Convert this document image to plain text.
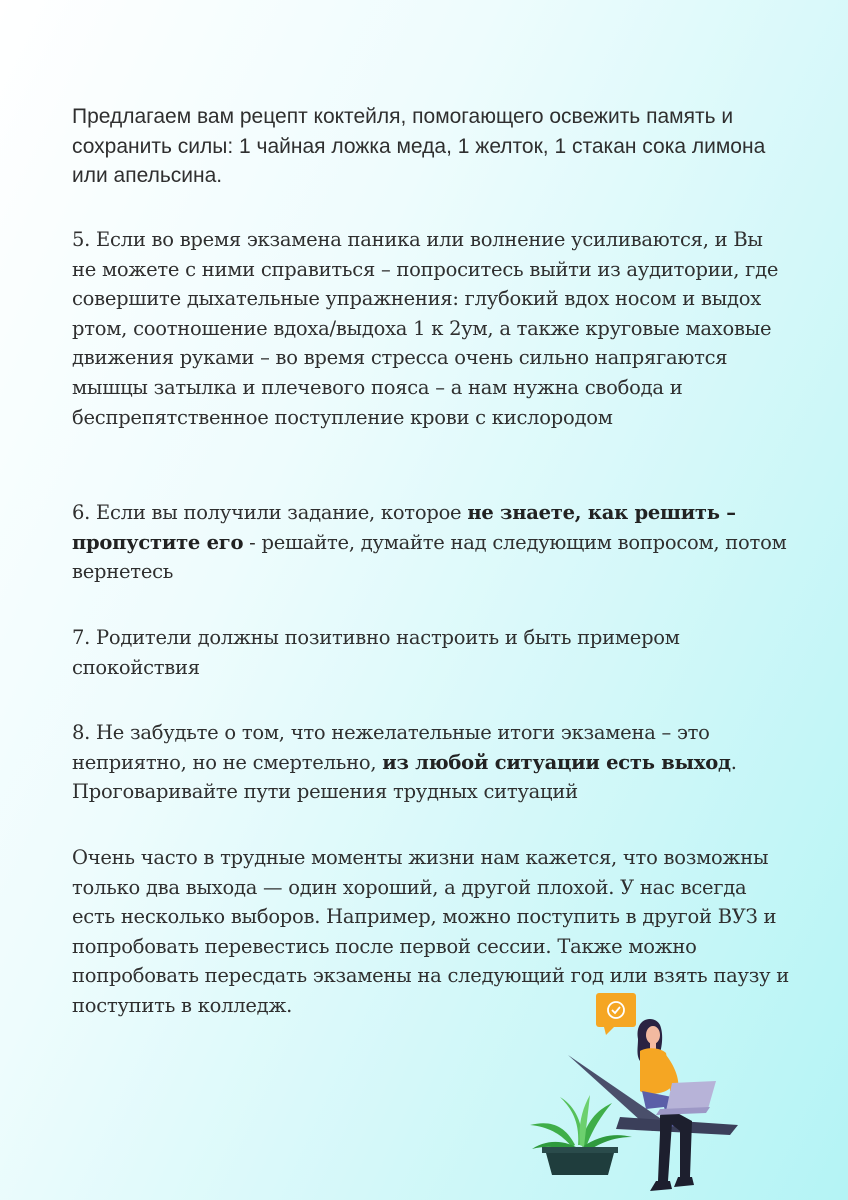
Предлагаем вам рецепт коктейля, помогающего освежить память и сохранить силы: 1 чайная ложка меда, 1 желток, 1 стакан сока лимона или апельсина.
5. Если во время экзамена паника или волнение усиливаются, и Вы не можете с ними справиться – попроситесь выйти из аудитории, где совершите дыхательные упражнения: глубокий вдох носом и выдох ртом, соотношение вдоха/выдоха 1 к 2ум, а также круговые маховые движения руками – во время стресса очень сильно напрягаются мышцы затылка и плечевого пояса – а нам нужна свобода и беспрепятственное поступление крови с кислородом
6. Если вы получили задание, которое не знаете, как решить – пропустите его - решайте, думайте над следующим вопросом, потом вернетесь
7. Родители должны позитивно настроить и быть примером спокойствия
8. Не забудьте о том, что нежелательные итоги экзамена – это неприятно, но не смертельно, из любой ситуации есть выход. Проговаривайте пути решения трудных ситуаций
Очень часто в трудные моменты жизни нам кажется, что возможны только два выхода — один хороший, а другой плохой. У нас всегда есть несколько выборов. Например, можно поступить в другой ВУЗ и попробовать перевестись после первой сессии. Также можно попробовать пересдать экзамены на следующий год или взять паузу и поступить в колледж.
